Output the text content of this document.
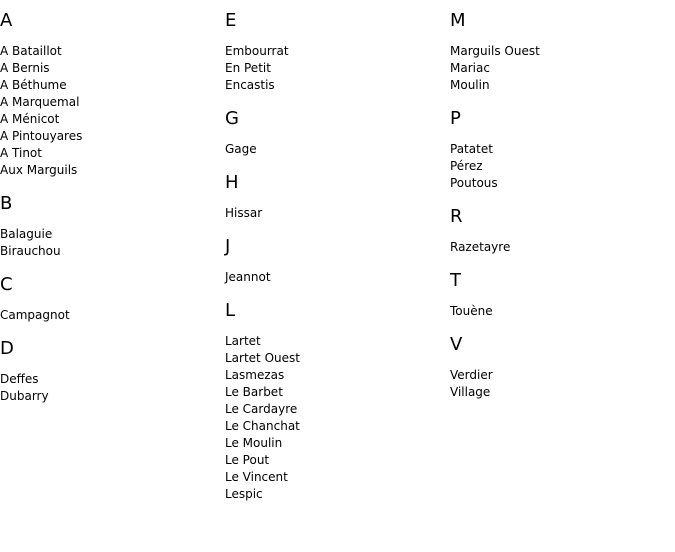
A
A Bataillot
A Bernis
A Béthume
A Marquemal
A Ménicot
A Pintouyares
A Tinot
Aux Marguils
B
Balaguie
Birauchou
C
Campagnot
D
Deffes
Dubarry
E
Embourrat
En Petit
Encastis
G
Gage
H
Hissar
J
Jeannot
L
Lartet
Lartet Ouest
Lasmezas
Le Barbet
Le Cardayre
Le Chanchat
Le Moulin
Le Pout
Le Vincent
Lespic
M
Marguils Ouest
Mariac
Moulin
P
Patatet
Pérez
Poutous
R
Razetayre
T
Touène
V
Verdier
Village
